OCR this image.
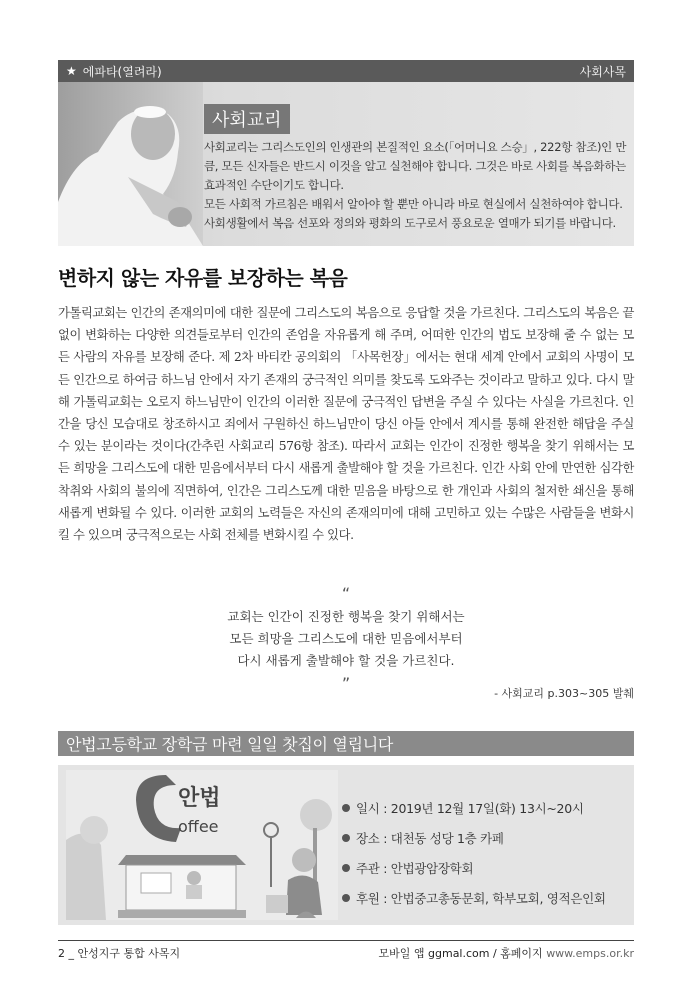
★ 에파타(열려라)	사회사목
사회교리

사회교리는 그리스도인의 인생관의 본질적인 요소(「어머니요 스승」, 222항 참조)인 만큼, 모든 신자들은 반드시 이것을 알고 실천해야 합니다. 그것은 바로 사회를 복음화하는 효과적인 수단이기도 합니다.

모든 사회적 가르침은 배워서 알아야 할 뿐만 아니라 바로 현실에서 실천하여야 합니다. 사회생활에서 복음 선포와 정의와 평화의 도구로서 풍요로운 열매가 되기를 바랍니다.

변하지 않는 자유를 보장하는 복음
가톨릭교회는 인간의 존재의미에 대한 질문에 그리스도의 복음으로 응답할 것을 가르친다. 그리스도의 복음은 끝없이 변화하는 다양한 의견들로부터 인간의 존엄을 자유롭게 해 주며, 어떠한 인간의 법도 보장해 줄 수 없는 모든 사람의 자유를 보장해 준다. 제 2차 바티칸 공의회의 「사목헌장」에서는 현대 세계 안에서 교회의 사명이 모든 인간으로 하여금 하느님 안에서 자기 존재의 궁극적인 의미를 찾도록 도와주는 것이라고 말하고 있다. 다시 말해 가톨릭교회는 오로지 하느님만이 인간의 이러한 질문에 궁극적인 답변을 주실 수 있다는 사실을 가르친다. 인간을 당신 모습대로 창조하시고 죄에서 구원하신 하느님만이 당신 아들 안에서 계시를 통해 완전한 해답을 주실 수 있는 분이라는 것이다(간추린 사회교리 576항 참조). 따라서 교회는 인간이 진정한 행복을 찾기 위해서는 모든 희망을 그리스도에 대한 믿음에서부터 다시 새롭게 출발해야 할 것을 가르친다. 인간 사회 안에 만연한 심각한 착취와 사회의 불의에 직면하여, 인간은 그리스도께 대한 믿음을 바탕으로 한 개인과 사회의 철저한 쇄신을 통해 새롭게 변화될 수 있다. 이러한 교회의 노력들은 자신의 존재의미에 대해 고민하고 있는 수많은 사람들을 변화시킬 수 있으며 궁극적으로는 사회 전체를 변화시킬 수 있다.
“
교회는 인간이 진정한 행복을 찾기 위해서는
모든 희망을 그리스도에 대한 믿음에서부터
다시 새롭게 출발해야 할 것을 가르친다.
”
- 사회교리 p.303~305 발췌
안법고등학교 장학금 마련 일일 찻집이 열립니다
안법
offee
일시 : 2019년 12월 17일(화) 13시~20시
장소 : 대천동 성당 1층 카페
주관 : 안법광암장학회
후원 : 안법중고총동문회, 학부모회, 영적은인회
2 _ 안성지구 통합 사목지	모바일 앱 ggmal.com / 홈페이지 www.emps.or.kr
